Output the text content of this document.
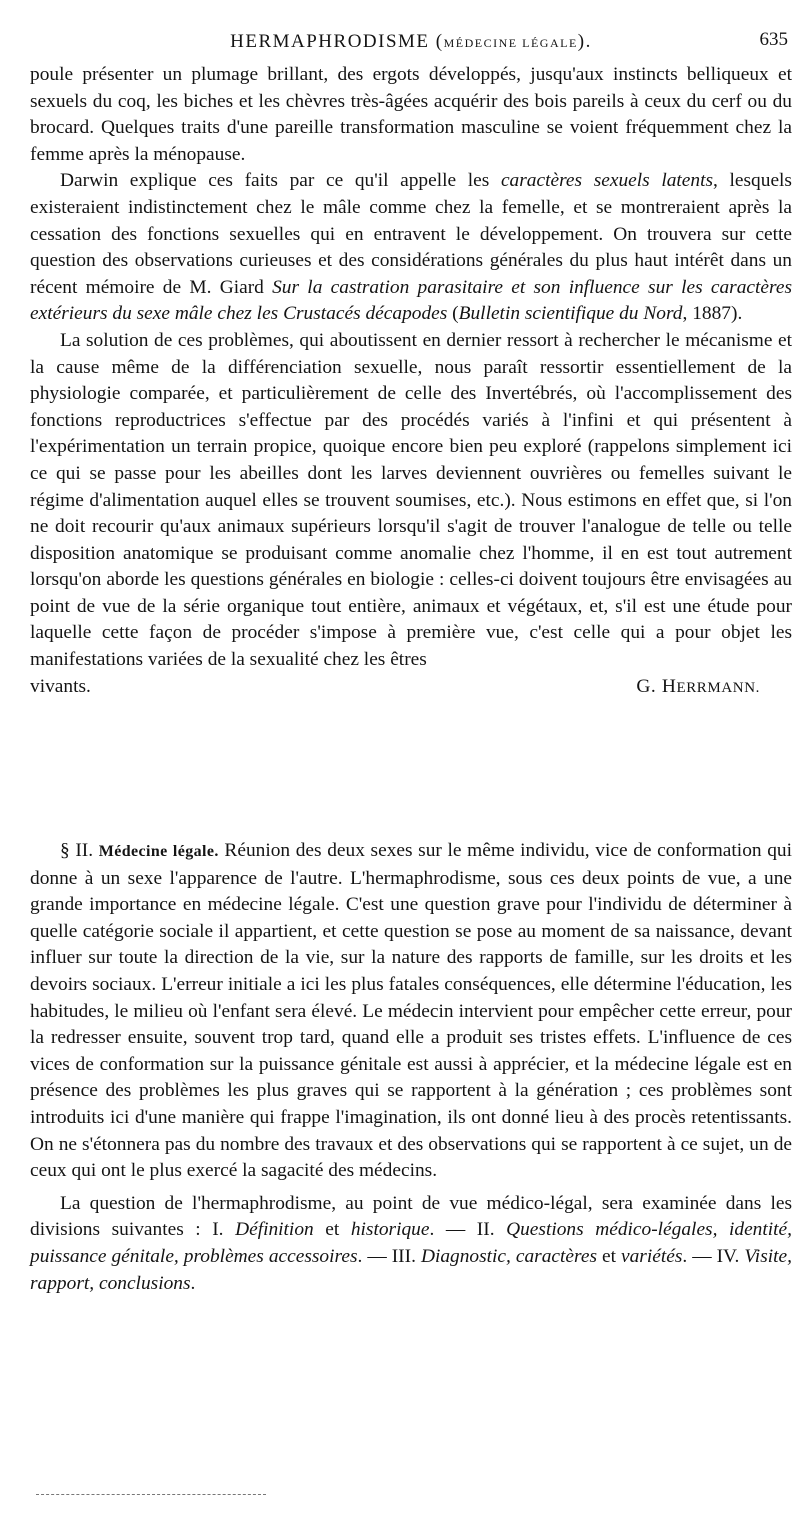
HERMAPHRODISME (MÉDECINE LÉGALE).	635

poule présenter un plumage brillant, des ergots développés, jusqu'aux instincts belliqueux et sexuels du coq, les biches et les chèvres très-âgées acquérir des bois pareils à ceux du cerf ou du brocard. Quelques traits d'une pareille transformation masculine se voient fréquemment chez la femme après la ménopause.

Darwin explique ces faits par ce qu'il appelle les caractères sexuels latents, lesquels existeraient indistinctement chez le mâle comme chez la femelle, et se montreraient après la cessation des fonctions sexuelles qui en entravent le développement. On trouvera sur cette question des observations curieuses et des considérations générales du plus haut intérêt dans un récent mémoire de M. Giard Sur la castration parasitaire et son influence sur les caractères extérieurs du sexe mâle chez les Crustacés décapodes (Bulletin scientifique du Nord, 1887).

La solution de ces problèmes, qui aboutissent en dernier ressort à rechercher le mécanisme et la cause même de la différenciation sexuelle, nous paraît ressortir essentiellement de la physiologie comparée, et particulièrement de celle des Invertébrés, où l'accomplissement des fonctions reproductrices s'effectue par des procédés variés à l'infini et qui présentent à l'expérimentation un terrain propice, quoique encore bien peu exploré (rappelons simplement ici ce qui se passe pour les abeilles dont les larves deviennent ouvrières ou femelles suivant le régime d'alimentation auquel elles se trouvent soumises, etc.). Nous estimons en effet que, si l'on ne doit recourir qu'aux animaux supérieurs lorsqu'il s'agit de trouver l'analogue de telle ou telle disposition anatomique se produisant comme anomalie chez l'homme, il en est tout autrement lorsqu'on aborde les questions générales en biologie : celles-ci doivent toujours être envisagées au point de vue de la série organique tout entière, animaux et végétaux, et, s'il est une étude pour laquelle cette façon de procéder s'impose à première vue, c'est celle qui a pour objet les manifestations variées de la sexualité chez les êtres

vivants.	G. HERRMANN.

§ II. Médecine légale. Réunion des deux sexes sur le même individu, vice de conformation qui donne à un sexe l'apparence de l'autre. L'hermaphrodisme, sous ces deux points de vue, a une grande importance en médecine légale. C'est une question grave pour l'individu de déterminer à quelle catégorie sociale il appartient, et cette question se pose au moment de sa naissance, devant influer sur toute la direction de la vie, sur la nature des rapports de famille, sur les droits et les devoirs sociaux. L'erreur initiale a ici les plus fatales conséquences, elle détermine l'éducation, les habitudes, le milieu où l'enfant sera élevé. Le médecin intervient pour empêcher cette erreur, pour la redresser ensuite, souvent trop tard, quand elle a produit ses tristes effets. L'influence de ces vices de conformation sur la puissance génitale est aussi à apprécier, et la médecine légale est en présence des problèmes les plus graves qui se rapportent à la génération ; ces problèmes sont introduits ici d'une manière qui frappe l'imagination, ils ont donné lieu à des procès retentissants. On ne s'étonnera pas du nombre des travaux et des observations qui se rapportent à ce sujet, un de ceux qui ont le plus exercé la sagacité des médecins.

La question de l'hermaphrodisme, au point de vue médico-légal, sera examinée dans les divisions suivantes : I. Définition et historique. — II. Questions médico-légales, identité, puissance génitale, problèmes accessoires. — III. Diagnostic, caractères et variétés. — IV. Visite, rapport, conclusions.
